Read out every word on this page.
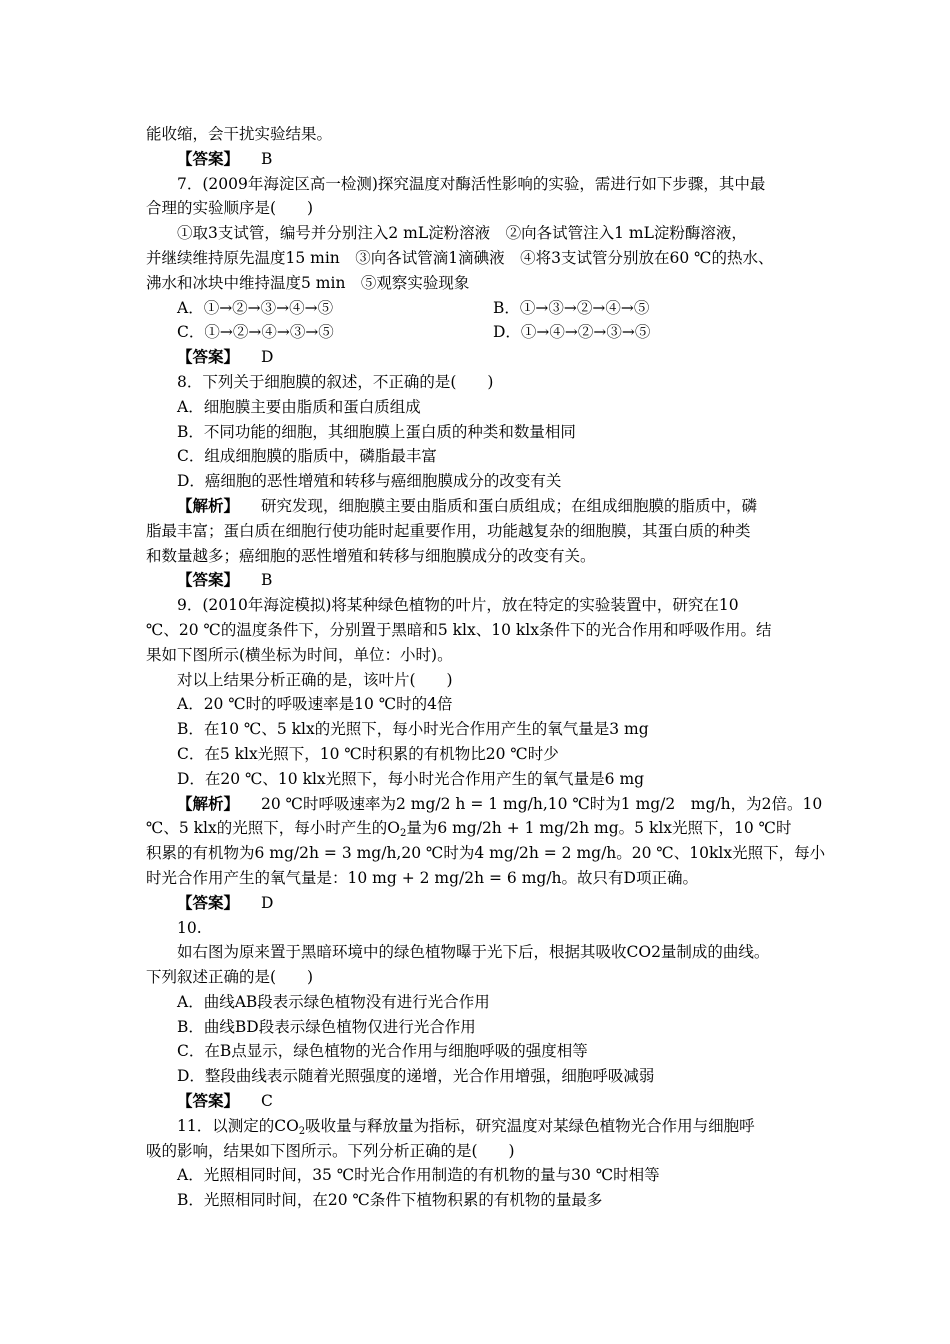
能收缩，会干扰实验结果。
【答案】 B
7．(2009年海淀区高一检测)探究温度对酶活性影响的实验，需进行如下步骤，其中最
合理的实验顺序是(　　)
①取3支试管，编号并分别注入2 mL淀粉溶液　②向各试管注入1 mL淀粉酶溶液，
并继续维持原先温度15 min　③向各试管滴1滴碘液　④将3支试管分别放在60 ℃的热水、
沸水和冰块中维持温度5 min　⑤观察实验现象
A．①→②→③→④→⑤	B．①→③→②→④→⑤
C．①→②→④→③→⑤	D．①→④→②→③→⑤
【答案】 D
8．下列关于细胞膜的叙述，不正确的是(　　)
A．细胞膜主要由脂质和蛋白质组成
B．不同功能的细胞，其细胞膜上蛋白质的种类和数量相同
C．组成细胞膜的脂质中，磷脂最丰富
D．癌细胞的恶性增殖和转移与癌细胞膜成分的改变有关
【解析】 研究发现，细胞膜主要由脂质和蛋白质组成；在组成细胞膜的脂质中，磷
脂最丰富；蛋白质在细胞行使功能时起重要作用，功能越复杂的细胞膜，其蛋白质的种类
和数量越多；癌细胞的恶性增殖和转移与细胞膜成分的改变有关。
【答案】 B
9．(2010年海淀模拟)将某种绿色植物的叶片，放在特定的实验装置中，研究在10
℃、20 ℃的温度条件下，分别置于黑暗和5 klx、10 klx条件下的光合作用和呼吸作用。结
果如下图所示(横坐标为时间，单位：小时)。
对以上结果分析正确的是，该叶片(　　)
A．20 ℃时的呼吸速率是10 ℃时的4倍
B．在10 ℃、5 klx的光照下，每小时光合作用产生的氧气量是3 mg
C．在5 klx光照下，10 ℃时积累的有机物比20 ℃时少
D．在20 ℃、10 klx光照下，每小时光合作用产生的氧气量是6 mg
【解析】 20 ℃时呼吸速率为2 mg/2 h = 1 mg/h,10 ℃时为1 mg/2　mg/h，为2倍。10
℃、5 klx的光照下，每小时产生的$O_2$量为6 mg/2h + 1 mg/2h mg。5 klx光照下，10 ℃时
积累的有机物为6 mg/2h = 3 mg/h,20 ℃时为4 mg/2h = 2 mg/h。20 ℃、10klx光照下，每小
时光合作用产生的氧气量是：10 mg + 2 mg/2h = 6 mg/h。故只有D项正确。
【答案】 D
10.
如右图为原来置于黑暗环境中的绿色植物曝于光下后，根据其吸收CO2量制成的曲线。
下列叙述正确的是(　　)
A．曲线AB段表示绿色植物没有进行光合作用
B．曲线BD段表示绿色植物仅进行光合作用
C．在B点显示，绿色植物的光合作用与细胞呼吸的强度相等
D．整段曲线表示随着光照强度的递增，光合作用增强，细胞呼吸减弱
【答案】 C
11．以测定的$CO_2$吸收量与释放量为指标，研究温度对某绿色植物光合作用与细胞呼
吸的影响，结果如下图所示。下列分析正确的是(　　)
A．光照相同时间，35 ℃时光合作用制造的有机物的量与30 ℃时相等
B．光照相同时间，在20 ℃条件下植物积累的有机物的量最多
